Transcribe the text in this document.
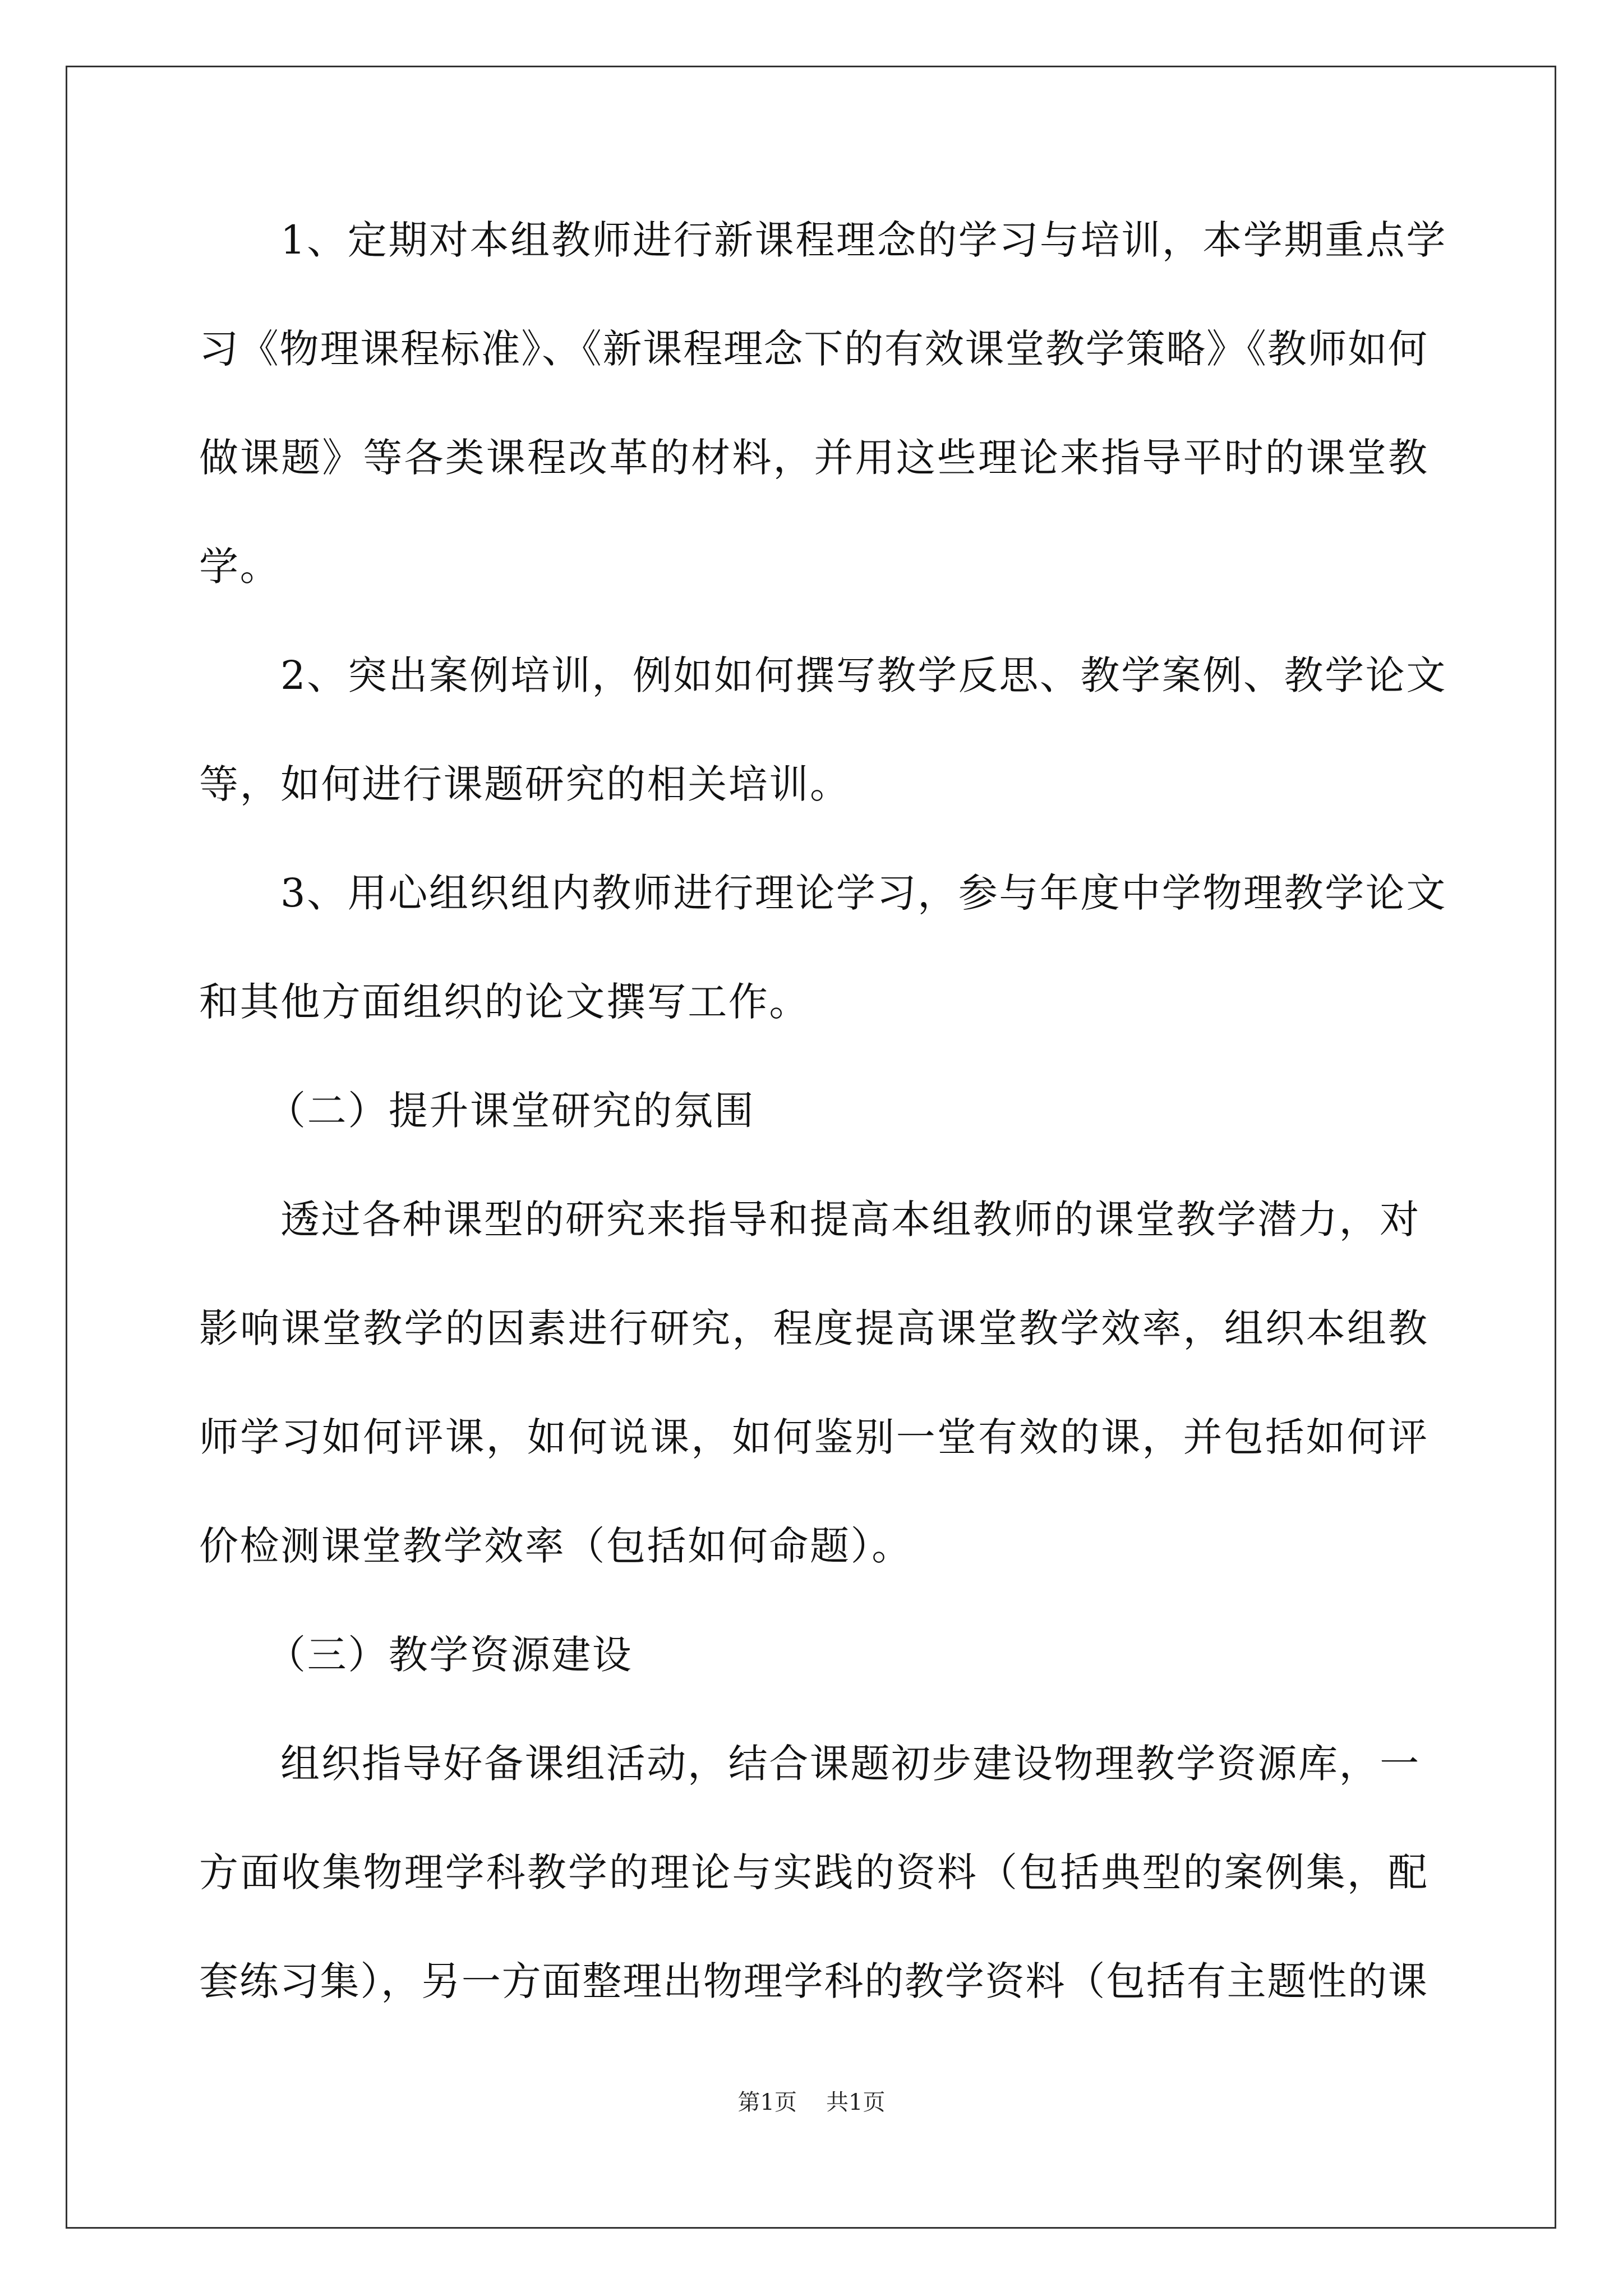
1、定期对本组教师进行新课程理念的学习与培训，本学期重点学
习《物理课程标准》、《新课程理念下的有效课堂教学策略》《教师如何
做课题》等各类课程改革的材料，并用这些理论来指导平时的课堂教
学。
2、突出案例培训，例如如何撰写教学反思、教学案例、教学论文
等，如何进行课题研究的相关培训。
3、用心组织组内教师进行理论学习，参与年度中学物理教学论文
和其他方面组织的论文撰写工作。
（二）提升课堂研究的氛围
透过各种课型的研究来指导和提高本组教师的课堂教学潜力，对
影响课堂教学的因素进行研究，程度提高课堂教学效率，组织本组教
师学习如何评课，如何说课，如何鉴别一堂有效的课，并包括如何评
价检测课堂教学效率（包括如何命题）。
（三）教学资源建设
组织指导好备课组活动，结合课题初步建设物理教学资源库，一
方面收集物理学科教学的理论与实践的资料（包括典型的案例集，配
套练习集），另一方面整理出物理学科的教学资料（包括有主题性的课
第1页 共1页
